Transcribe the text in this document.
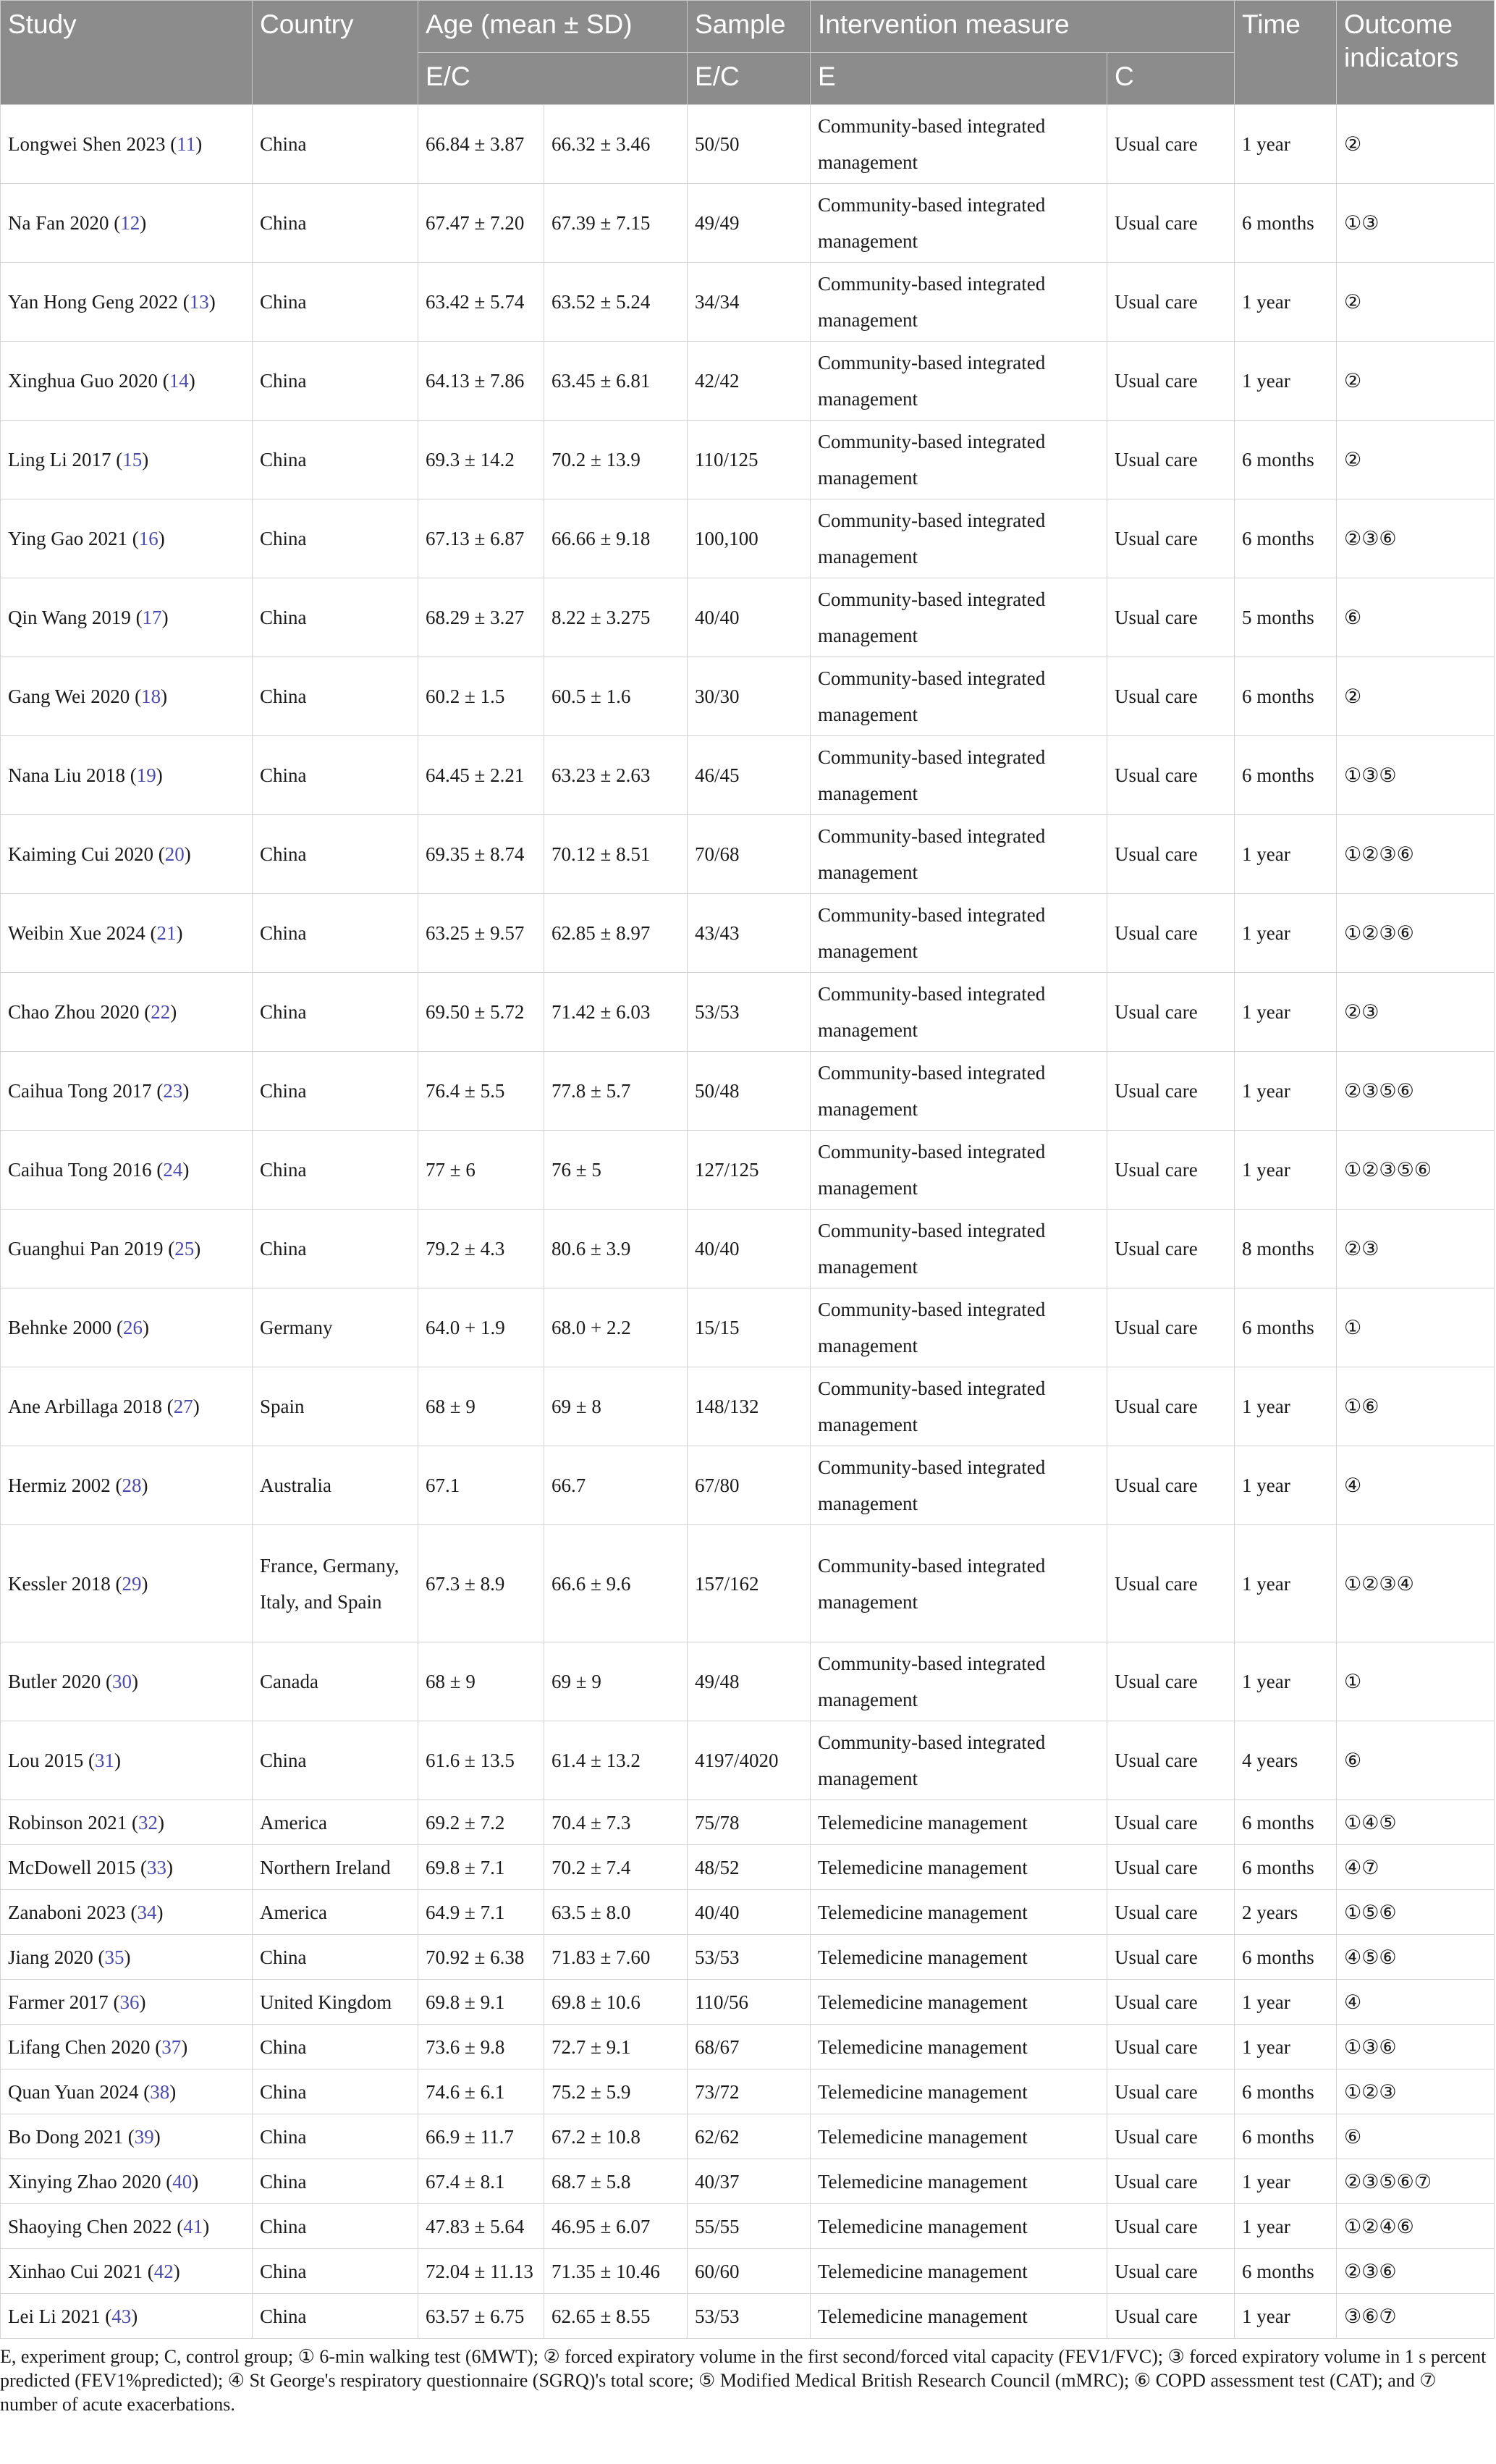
Study	Country	Age (mean ± SD)		Sample	Intervention measure		Time	Outcome indicators
		E/C		E/C	E	C		
Longwei Shen 2023 (11)	China	66.84 ± 3.87	66.32 ± 3.46	50/50	Community-based integrated management	Usual care	1 year	②
Na Fan 2020 (12)	China	67.47 ± 7.20	67.39 ± 7.15	49/49	Community-based integrated management	Usual care	6 months	①③
Yan Hong Geng 2022 (13)	China	63.42 ± 5.74	63.52 ± 5.24	34/34	Community-based integrated management	Usual care	1 year	②
Xinghua Guo 2020 (14)	China	64.13 ± 7.86	63.45 ± 6.81	42/42	Community-based integrated management	Usual care	1 year	②
Ling Li 2017 (15)	China	69.3 ± 14.2	70.2 ± 13.9	110/125	Community-based integrated management	Usual care	6 months	②
Ying Gao 2021 (16)	China	67.13 ± 6.87	66.66 ± 9.18	100,100	Community-based integrated management	Usual care	6 months	②③⑥
Qin Wang 2019 (17)	China	68.29 ± 3.27	8.22 ± 3.275	40/40	Community-based integrated management	Usual care	5 months	⑥
Gang Wei 2020 (18)	China	60.2 ± 1.5	60.5 ± 1.6	30/30	Community-based integrated management	Usual care	6 months	②
Nana Liu 2018 (19)	China	64.45 ± 2.21	63.23 ± 2.63	46/45	Community-based integrated management	Usual care	6 months	①③⑤
Kaiming Cui 2020 (20)	China	69.35 ± 8.74	70.12 ± 8.51	70/68	Community-based integrated management	Usual care	1 year	①②③⑥
Weibin Xue 2024 (21)	China	63.25 ± 9.57	62.85 ± 8.97	43/43	Community-based integrated management	Usual care	1 year	①②③⑥
Chao Zhou 2020 (22)	China	69.50 ± 5.72	71.42 ± 6.03	53/53	Community-based integrated management	Usual care	1 year	②③
Caihua Tong 2017 (23)	China	76.4 ± 5.5	77.8 ± 5.7	50/48	Community-based integrated management	Usual care	1 year	②③⑤⑥
Caihua Tong 2016 (24)	China	77 ± 6	76 ± 5	127/125	Community-based integrated management	Usual care	1 year	①②③⑤⑥
Guanghui Pan 2019 (25)	China	79.2 ± 4.3	80.6 ± 3.9	40/40	Community-based integrated management	Usual care	8 months	②③
Behnke 2000 (26)	Germany	64.0 + 1.9	68.0 + 2.2	15/15	Community-based integrated management	Usual care	6 months	①
Ane Arbillaga 2018 (27)	Spain	68 ± 9	69 ± 8	148/132	Community-based integrated management	Usual care	1 year	①⑥
Hermiz 2002 (28)	Australia	67.1	66.7	67/80	Community-based integrated management	Usual care	1 year	④
Kessler 2018 (29)	France, Germany, Italy, and Spain	67.3 ± 8.9	66.6 ± 9.6	157/162	Community-based integrated management	Usual care	1 year	①②③④
Butler 2020 (30)	Canada	68 ± 9	69 ± 9	49/48	Community-based integrated management	Usual care	1 year	①
Lou 2015 (31)	China	61.6 ± 13.5	61.4 ± 13.2	4197/4020	Community-based integrated management	Usual care	4 years	⑥
Robinson 2021 (32)	America	69.2 ± 7.2	70.4 ± 7.3	75/78	Telemedicine management	Usual care	6 months	①④⑤
McDowell 2015 (33)	Northern Ireland	69.8 ± 7.1	70.2 ± 7.4	48/52	Telemedicine management	Usual care	6 months	④⑦
Zanaboni 2023 (34)	America	64.9 ± 7.1	63.5 ± 8.0	40/40	Telemedicine management	Usual care	2 years	①⑤⑥
Jiang 2020 (35)	China	70.92 ± 6.38	71.83 ± 7.60	53/53	Telemedicine management	Usual care	6 months	④⑤⑥
Farmer 2017 (36)	United Kingdom	69.8 ± 9.1	69.8 ± 10.6	110/56	Telemedicine management	Usual care	1 year	④
Lifang Chen 2020 (37)	China	73.6 ± 9.8	72.7 ± 9.1	68/67	Telemedicine management	Usual care	1 year	①③⑥
Quan Yuan 2024 (38)	China	74.6 ± 6.1	75.2 ± 5.9	73/72	Telemedicine management	Usual care	6 months	①②③
Bo Dong 2021 (39)	China	66.9 ± 11.7	67.2 ± 10.8	62/62	Telemedicine management	Usual care	6 months	⑥
Xinying Zhao 2020 (40)	China	67.4 ± 8.1	68.7 ± 5.8	40/37	Telemedicine management	Usual care	1 year	②③⑤⑥⑦
Shaoying Chen 2022 (41)	China	47.83 ± 5.64	46.95 ± 6.07	55/55	Telemedicine management	Usual care	1 year	①②④⑥
Xinhao Cui 2021 (42)	China	72.04 ± 11.13	71.35 ± 10.46	60/60	Telemedicine management	Usual care	6 months	②③⑥
Lei Li 2021 (43)	China	63.57 ± 6.75	62.65 ± 8.55	53/53	Telemedicine management	Usual care	1 year	③⑥⑦
E, experiment group; C, control group; ① 6-min walking test (6MWT); ② forced expiratory volume in the first second/forced vital capacity (FEV1/FVC); ③ forced expiratory volume in 1 s percent predicted (FEV1%predicted); ④ St George's respiratory questionnaire (SGRQ)'s total score; ⑤ Modified Medical British Research Council (mMRC); ⑥ COPD assessment test (CAT); and ⑦ number of acute exacerbations.
